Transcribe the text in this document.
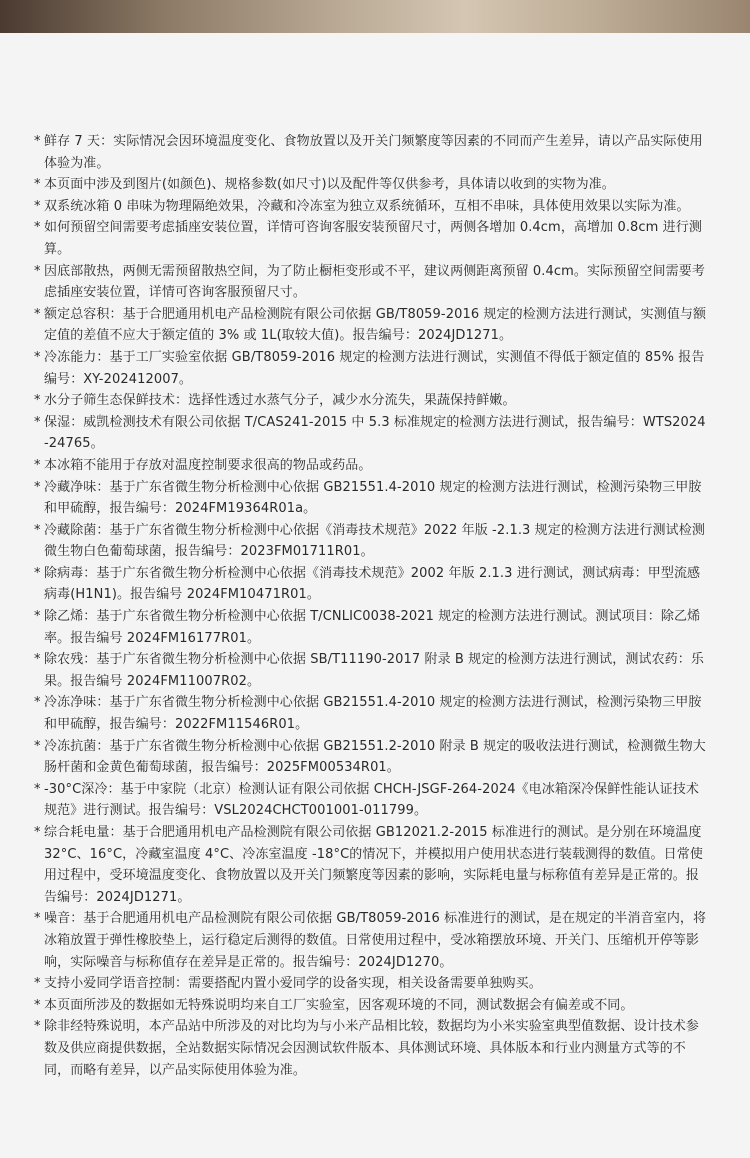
* 鲜存 7 天：实际情况会因环境温度变化、食物放置以及开关门频繁度等因素的不同而产生差异，请以产品实际使用体验为准。
* 本页面中涉及到图片(如颜色)、规格参数(如尺寸)以及配件等仅供参考，具体请以收到的实物为准。
* 双系统冰箱 0 串味为物理隔绝效果，冷藏和冷冻室为独立双系统循环，互相不串味，具体使用效果以实际为准。
* 如何预留空间需要考虑插座安装位置，详情可咨询客服安装预留尺寸，两侧各增加 0.4cm，高增加 0.8cm 进行测算。
* 因底部散热，两侧无需预留散热空间，为了防止橱柜变形或不平，建议两侧距离预留 0.4cm。实际预留空间需要考虑插座安装位置，详情可咨询客服预留尺寸。
* 额定总容积：基于合肥通用机电产品检测院有限公司依据 GB/T8059-2016 规定的检测方法进行测试，实测值与额定值的差值不应大于额定值的 3% 或 1L(取较大值)。报告编号：2024JD1271。
* 冷冻能力：基于工厂实验室依据 GB/T8059-2016 规定的检测方法进行测试，实测值不得低于额定值的 85% 报告编号：XY-202412007。
* 水分子筛生态保鲜技术：选择性透过水蒸气分子，减少水分流失，果蔬保持鲜嫩。
* 保湿：威凯检测技术有限公司依据 T/CAS241-2015 中 5.3 标准规定的检测方法进行测试，报告编号：WTS2024-24765。
* 本冰箱不能用于存放对温度控制要求很高的物品或药品。
* 冷藏净味：基于广东省微生物分析检测中心依据 GB21551.4-2010 规定的检测方法进行测试，检测污染物三甲胺和甲硫醇，报告编号：2024FM19364R01a。
* 冷藏除菌：基于广东省微生物分析检测中心依据《消毒技术规范》2022 年版 -2.1.3 规定的检测方法进行测试检测微生物白色葡萄球菌，报告编号：2023FM01711R01。
* 除病毒：基于广东省微生物分析检测中心依据《消毒技术规范》2002 年版 2.1.3 进行测试，测试病毒：甲型流感病毒(H1N1)。报告编号 2024FM10471R01。
* 除乙烯：基于广东省微生物分析检测中心依据 T/CNLIC0038-2021 规定的检测方法进行测试。测试项目：除乙烯率。报告编号 2024FM16177R01。
* 除农残：基于广东省微生物分析检测中心依据 SB/T11190-2017 附录 B 规定的检测方法进行测试，测试农药：乐果。报告编号 2024FM11007R02。
* 冷冻净味：基于广东省微生物分析检测中心依据 GB21551.4-2010 规定的检测方法进行测试，检测污染物三甲胺和甲硫醇，报告编号：2022FM11546R01。
* 冷冻抗菌：基于广东省微生物分析检测中心依据 GB21551.2-2010 附录 B 规定的吸收法进行测试，检测微生物大肠杆菌和金黄色葡萄球菌，报告编号：2025FM00534R01。
* -30°C深冷：基于中家院（北京）检测认证有限公司依据 CHCH-JSGF-264-2024《电冰箱深冷保鲜性能认证技术规范》进行测试。报告编号：VSL2024CHCT001001-011799。
* 综合耗电量：基于合肥通用机电产品检测院有限公司依据 GB12021.2-2015 标准进行的测试。是分别在环境温度 32°C、16°C，冷藏室温度 4°C、冷冻室温度 -18°C的情况下，并模拟用户使用状态进行装载测得的数值。日常使用过程中，受环境温度变化、食物放置以及开关门频繁度等因素的影响，实际耗电量与标称值有差异是正常的。报告编号：2024JD1271。
* 噪音：基于合肥通用机电产品检测院有限公司依据 GB/T8059-2016 标准进行的测试，是在规定的半消音室内，将冰箱放置于弹性橡胶垫上，运行稳定后测得的数值。日常使用过程中，受冰箱摆放环境、开关门、压缩机开停等影响，实际噪音与标称值存在差异是正常的。报告编号：2024JD1270。
* 支持小爱同学语音控制：需要搭配内置小爱同学的设备实现，相关设备需要单独购买。
* 本页面所涉及的数据如无特殊说明均来自工厂实验室，因客观环境的不同，测试数据会有偏差或不同。
* 除非经特殊说明，本产品站中所涉及的对比均为与小米产品相比较，数据均为小米实验室典型值数据、设计技术参数及供应商提供数据，全站数据实际情况会因测试软件版本、具体测试环境、具体版本和行业内测量方式等的不同，而略有差异，以产品实际使用体验为准。
